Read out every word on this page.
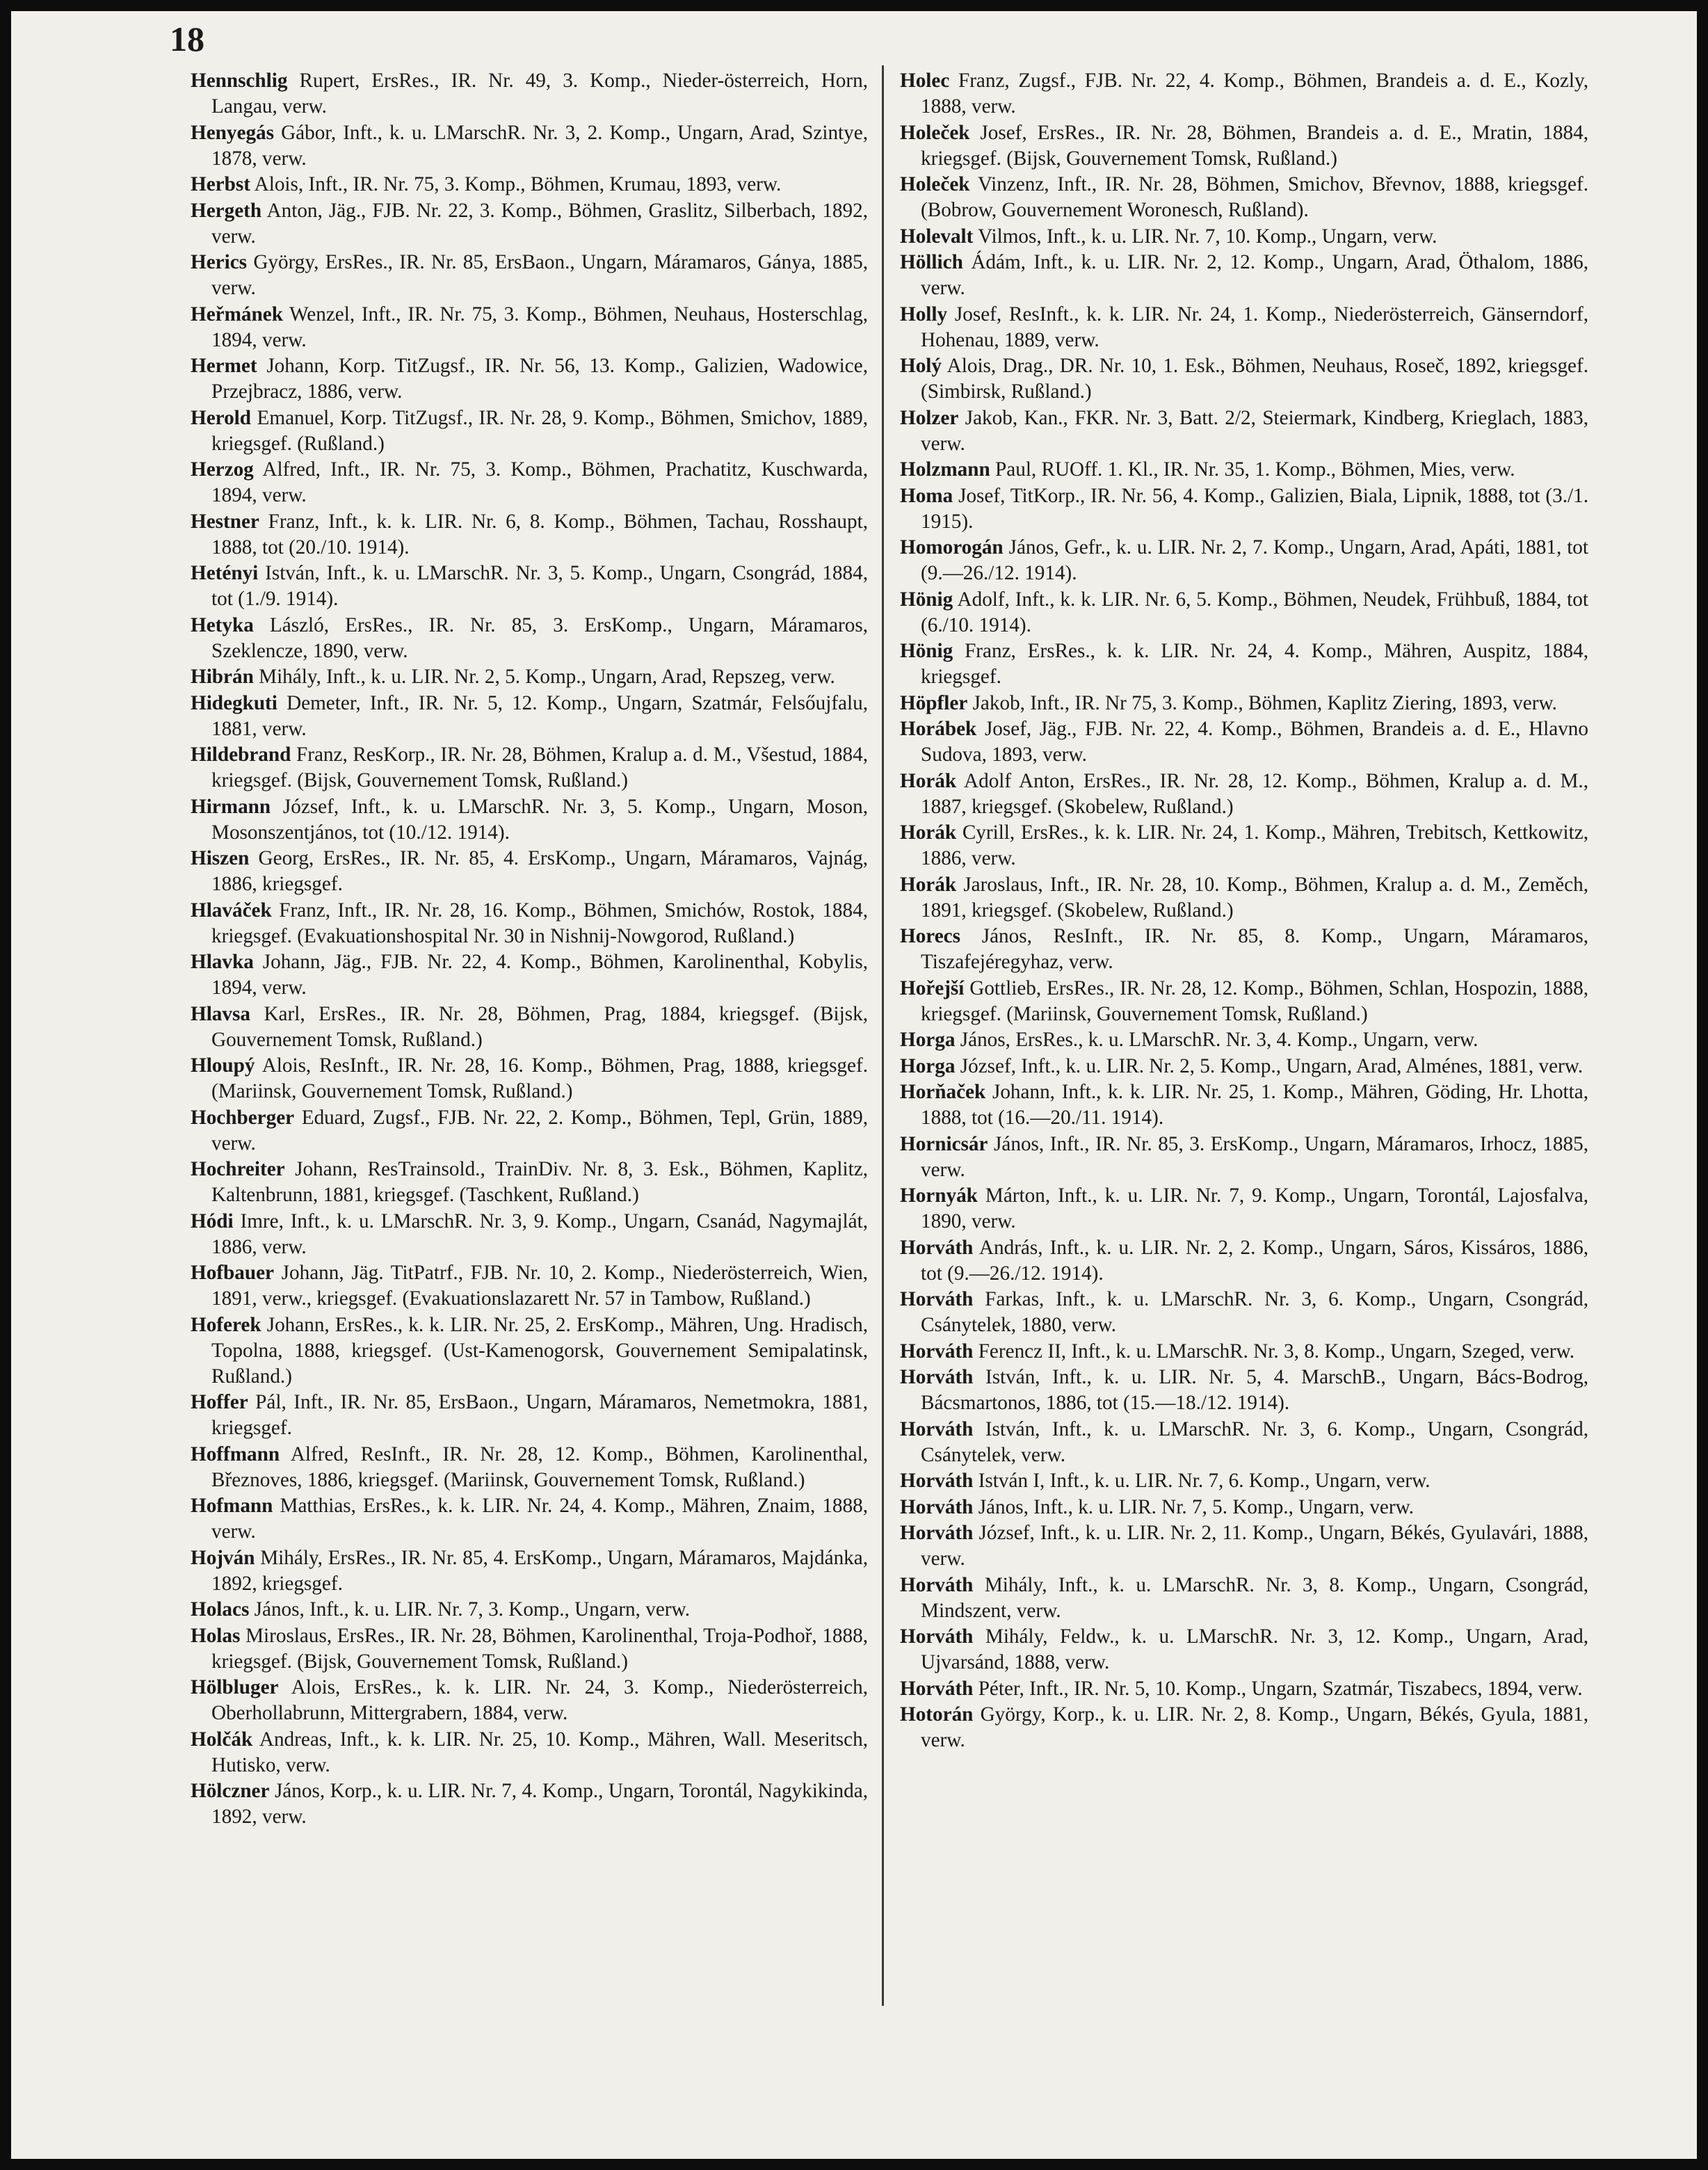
18

Hennschlig Rupert, ErsRes., IR. Nr. 49, 3. Komp., Nieder-österreich, Horn, Langau, verw.

Henyegás Gábor, Inft., k. u. LMarschR. Nr. 3, 2. Komp., Ungarn, Arad, Szintye, 1878, verw.

Herbst Alois, Inft., IR. Nr. 75, 3. Komp., Böhmen, Krumau, 1893, verw.

Hergeth Anton, Jäg., FJB. Nr. 22, 3. Komp., Böhmen, Graslitz, Silberbach, 1892, verw.

Herics György, ErsRes., IR. Nr. 85, ErsBaon., Ungarn, Máramaros, Gánya, 1885, verw.

Heřmánek Wenzel, Inft., IR. Nr. 75, 3. Komp., Böhmen, Neuhaus, Hosterschlag, 1894, verw.

Hermet Johann, Korp. TitZugsf., IR. Nr. 56, 13. Komp., Galizien, Wadowice, Przejbracz, 1886, verw.

Herold Emanuel, Korp. TitZugsf., IR. Nr. 28, 9. Komp., Böhmen, Smichov, 1889, kriegsgef. (Rußland.)

Herzog Alfred, Inft., IR. Nr. 75, 3. Komp., Böhmen, Prachatitz, Kuschwarda, 1894, verw.

Hestner Franz, Inft., k. k. LIR. Nr. 6, 8. Komp., Böhmen, Tachau, Rosshaupt, 1888, tot (20./10. 1914).

Hetényi István, Inft., k. u. LMarschR. Nr. 3, 5. Komp., Ungarn, Csongrád, 1884, tot (1./9. 1914).

Hetyka László, ErsRes., IR. Nr. 85, 3. ErsKomp., Ungarn, Máramaros, Szeklencze, 1890, verw.

Hibrán Mihály, Inft., k. u. LIR. Nr. 2, 5. Komp., Ungarn, Arad, Repszeg, verw.

Hidegkuti Demeter, Inft., IR. Nr. 5, 12. Komp., Ungarn, Szatmár, Felsőujfalu, 1881, verw.

Hildebrand Franz, ResKorp., IR. Nr. 28, Böhmen, Kralup a. d. M., Všestud, 1884, kriegsgef. (Bijsk, Gouvernement Tomsk, Rußland.)

Hirmann József, Inft., k. u. LMarschR. Nr. 3, 5. Komp., Ungarn, Moson, Mosonszentjános, tot (10./12. 1914).

Hiszen Georg, ErsRes., IR. Nr. 85, 4. ErsKomp., Ungarn, Máramaros, Vajnág, 1886, kriegsgef.

Hlaváček Franz, Inft., IR. Nr. 28, 16. Komp., Böhmen, Smichów, Rostok, 1884, kriegsgef. (Evakuationshospital Nr. 30 in Nishnij-Nowgorod, Rußland.)

Hlavka Johann, Jäg., FJB. Nr. 22, 4. Komp., Böhmen, Karolinenthal, Kobylis, 1894, verw.

Hlavsa Karl, ErsRes., IR. Nr. 28, Böhmen, Prag, 1884, kriegsgef. (Bijsk, Gouvernement Tomsk, Rußland.)

Hloupý Alois, ResInft., IR. Nr. 28, 16. Komp., Böhmen, Prag, 1888, kriegsgef. (Mariinsk, Gouvernement Tomsk, Rußland.)

Hochberger Eduard, Zugsf., FJB. Nr. 22, 2. Komp., Böhmen, Tepl, Grün, 1889, verw.

Hochreiter Johann, ResTrainsold., TrainDiv. Nr. 8, 3. Esk., Böhmen, Kaplitz, Kaltenbrunn, 1881, kriegsgef. (Taschkent, Rußland.)

Hódi Imre, Inft., k. u. LMarschR. Nr. 3, 9. Komp., Ungarn, Csanád, Nagymajlát, 1886, verw.

Hofbauer Johann, Jäg. TitPatrf., FJB. Nr. 10, 2. Komp., Niederösterreich, Wien, 1891, verw., kriegsgef. (Evakuationslazarett Nr. 57 in Tambow, Rußland.)

Hoferek Johann, ErsRes., k. k. LIR. Nr. 25, 2. ErsKomp., Mähren, Ung. Hradisch, Topolna, 1888, kriegsgef. (Ust-Kamenogorsk, Gouvernement Semipalatinsk, Rußland.)

Hoffer Pál, Inft., IR. Nr. 85, ErsBaon., Ungarn, Máramaros, Nemetmokra, 1881, kriegsgef.

Hoffmann Alfred, ResInft., IR. Nr. 28, 12. Komp., Böhmen, Karolinenthal, Březnoves, 1886, kriegsgef. (Mariinsk, Gouvernement Tomsk, Rußland.)

Hofmann Matthias, ErsRes., k. k. LIR. Nr. 24, 4. Komp., Mähren, Znaim, 1888, verw.

Hojván Mihály, ErsRes., IR. Nr. 85, 4. ErsKomp., Ungarn, Máramaros, Majdánka, 1892, kriegsgef.

Holacs János, Inft., k. u. LIR. Nr. 7, 3. Komp., Ungarn, verw.

Holas Miroslaus, ErsRes., IR. Nr. 28, Böhmen, Karolinenthal, Troja-Podhoř, 1888, kriegsgef. (Bijsk, Gouvernement Tomsk, Rußland.)

Hölbluger Alois, ErsRes., k. k. LIR. Nr. 24, 3. Komp., Niederösterreich, Oberhollabrunn, Mittergrabern, 1884, verw.

Holčák Andreas, Inft., k. k. LIR. Nr. 25, 10. Komp., Mähren, Wall. Meseritsch, Hutisko, verw.

Hölczner János, Korp., k. u. LIR. Nr. 7, 4. Komp., Ungarn, Torontál, Nagykikinda, 1892, verw.

Holec Franz, Zugsf., FJB. Nr. 22, 4. Komp., Böhmen, Brandeis a. d. E., Kozly, 1888, verw.

Holeček Josef, ErsRes., IR. Nr. 28, Böhmen, Brandeis a. d. E., Mratin, 1884, kriegsgef. (Bijsk, Gouvernement Tomsk, Rußland.)

Holeček Vinzenz, Inft., IR. Nr. 28, Böhmen, Smichov, Břevnov, 1888, kriegsgef. (Bobrow, Gouvernement Woronesch, Rußland).

Holevalt Vilmos, Inft., k. u. LIR. Nr. 7, 10. Komp., Ungarn, verw.

Höllich Ádám, Inft., k. u. LIR. Nr. 2, 12. Komp., Ungarn, Arad, Öthalom, 1886, verw.

Holly Josef, ResInft., k. k. LIR. Nr. 24, 1. Komp., Niederösterreich, Gänserndorf, Hohenau, 1889, verw.

Holý Alois, Drag., DR. Nr. 10, 1. Esk., Böhmen, Neuhaus, Roseč, 1892, kriegsgef. (Simbirsk, Rußland.)

Holzer Jakob, Kan., FKR. Nr. 3, Batt. 2/2, Steiermark, Kindberg, Krieglach, 1883, verw.

Holzmann Paul, RUOff. 1. Kl., IR. Nr. 35, 1. Komp., Böhmen, Mies, verw.

Homa Josef, TitKorp., IR. Nr. 56, 4. Komp., Galizien, Biala, Lipnik, 1888, tot (3./1. 1915).

Homorogán János, Gefr., k. u. LIR. Nr. 2, 7. Komp., Ungarn, Arad, Apáti, 1881, tot (9.—26./12. 1914).

Hönig Adolf, Inft., k. k. LIR. Nr. 6, 5. Komp., Böhmen, Neudek, Frühbuß, 1884, tot (6./10. 1914).

Hönig Franz, ErsRes., k. k. LIR. Nr. 24, 4. Komp., Mähren, Auspitz, 1884, kriegsgef.

Höpfler Jakob, Inft., IR. Nr 75, 3. Komp., Böhmen, Kaplitz Ziering, 1893, verw.

Horábek Josef, Jäg., FJB. Nr. 22, 4. Komp., Böhmen, Brandeis a. d. E., Hlavno Sudova, 1893, verw.

Horák Adolf Anton, ErsRes., IR. Nr. 28, 12. Komp., Böhmen, Kralup a. d. M., 1887, kriegsgef. (Skobelew, Rußland.)

Horák Cyrill, ErsRes., k. k. LIR. Nr. 24, 1. Komp., Mähren, Trebitsch, Kettkowitz, 1886, verw.

Horák Jaroslaus, Inft., IR. Nr. 28, 10. Komp., Böhmen, Kralup a. d. M., Zeměch, 1891, kriegsgef. (Skobelew, Rußland.)

Horecs János, ResInft., IR. Nr. 85, 8. Komp., Ungarn, Máramaros, Tiszafejéregyhaz, verw.

Hořejší Gottlieb, ErsRes., IR. Nr. 28, 12. Komp., Böhmen, Schlan, Hospozin, 1888, kriegsgef. (Mariinsk, Gouvernement Tomsk, Rußland.)

Horga János, ErsRes., k. u. LMarschR. Nr. 3, 4. Komp., Ungarn, verw.

Horga József, Inft., k. u. LIR. Nr. 2, 5. Komp., Ungarn, Arad, Alménes, 1881, verw.

Horňaček Johann, Inft., k. k. LIR. Nr. 25, 1. Komp., Mähren, Göding, Hr. Lhotta, 1888, tot (16.—20./11. 1914).

Hornicsár János, Inft., IR. Nr. 85, 3. ErsKomp., Ungarn, Máramaros, Irhocz, 1885, verw.

Hornyák Márton, Inft., k. u. LIR. Nr. 7, 9. Komp., Ungarn, Torontál, Lajosfalva, 1890, verw.

Horváth András, Inft., k. u. LIR. Nr. 2, 2. Komp., Ungarn, Sáros, Kissáros, 1886, tot (9.—26./12. 1914).

Horváth Farkas, Inft., k. u. LMarschR. Nr. 3, 6. Komp., Ungarn, Csongrád, Csánytelek, 1880, verw.

Horváth Ferencz II, Inft., k. u. LMarschR. Nr. 3, 8. Komp., Ungarn, Szeged, verw.

Horváth István, Inft., k. u. LIR. Nr. 5, 4. MarschB., Ungarn, Bács-Bodrog, Bácsmartonos, 1886, tot (15.—18./12. 1914).

Horváth István, Inft., k. u. LMarschR. Nr. 3, 6. Komp., Ungarn, Csongrád, Csánytelek, verw.

Horváth István I, Inft., k. u. LIR. Nr. 7, 6. Komp., Ungarn, verw.

Horváth János, Inft., k. u. LIR. Nr. 7, 5. Komp., Ungarn, verw.

Horváth József, Inft., k. u. LIR. Nr. 2, 11. Komp., Ungarn, Békés, Gyulavári, 1888, verw.

Horváth Mihály, Inft., k. u. LMarschR. Nr. 3, 8. Komp., Ungarn, Csongrád, Mindszent, verw.

Horváth Mihály, Feldw., k. u. LMarschR. Nr. 3, 12. Komp., Ungarn, Arad, Ujvarsánd, 1888, verw.

Horváth Péter, Inft., IR. Nr. 5, 10. Komp., Ungarn, Szatmár, Tiszabecs, 1894, verw.

Hotorán György, Korp., k. u. LIR. Nr. 2, 8. Komp., Ungarn, Békés, Gyula, 1881, verw.
